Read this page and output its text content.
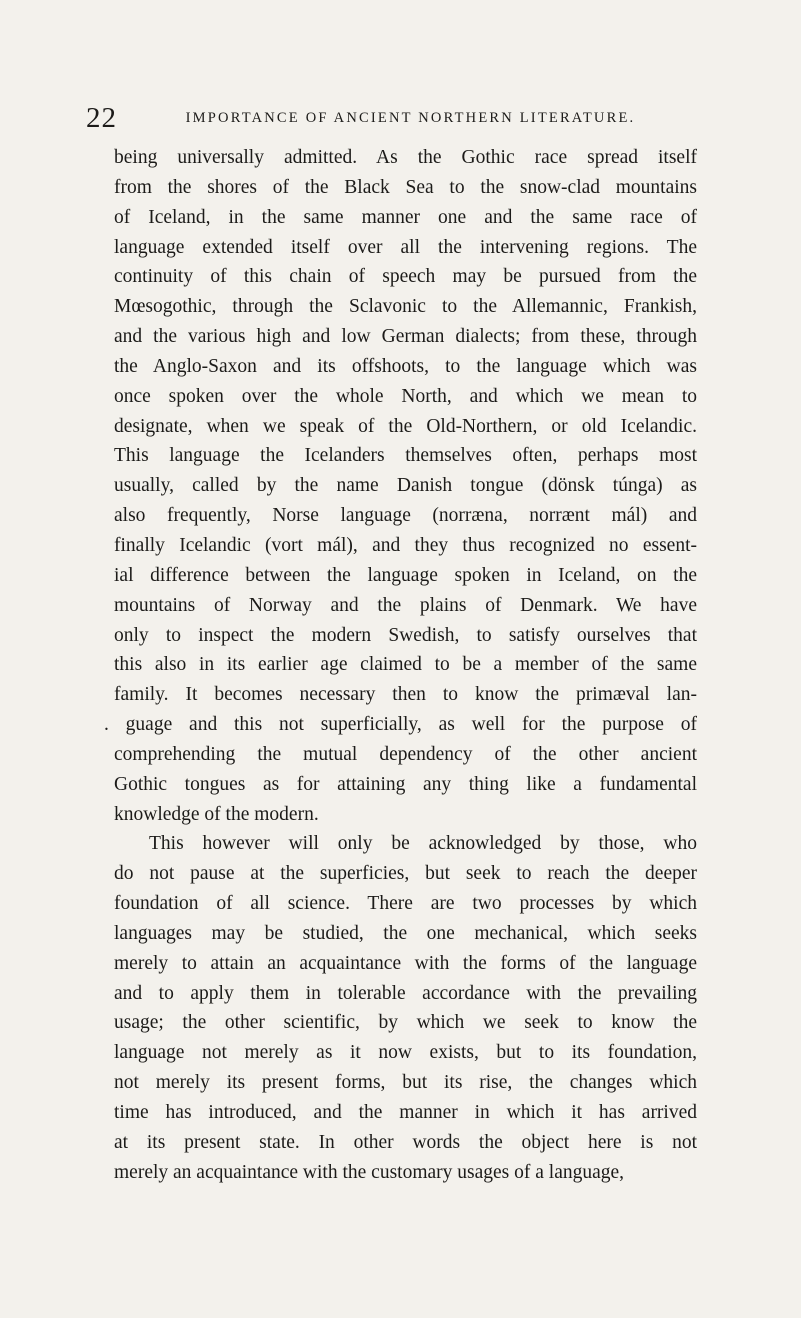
22	IMPORTANCE OF ANCIENT NORTHERN LITERATURE.
being universally admitted. As the Gothic race spread itself
from the shores of the Black Sea to the snow-clad mountains
of Iceland, in the same manner one and the same race of
language extended itself over all the intervening regions. The
continuity of this chain of speech may be pursued from the
Mœsogothic, through the Sclavonic to the Allemannic, Frankish,
and the various high and low German dialects; from these, through
the Anglo-Saxon and its offshoots, to the language which was
once spoken over the whole North, and which we mean to
designate, when we speak of the Old-Northern, or old Icelandic.
This language the Icelanders themselves often, perhaps most
usually, called by the name Danish tongue (dönsk túnga) as
also frequently, Norse language (norræna, norrænt mál) and
finally Icelandic (vort mál), and they thus recognized no essent-
ial difference between the language spoken in Iceland, on the
mountains of Norway and the plains of Denmark. We have
only to inspect the modern Swedish, to satisfy ourselves that
this also in its earlier age claimed to be a member of the same
family. It becomes necessary then to know the primæval lan-
. guage and this not superficially, as well for the purpose of
comprehending the mutual dependency of the other ancient
Gothic tongues as for attaining any thing like a fundamental
knowledge of the modern.
This however will only be acknowledged by those, who
do not pause at the superficies, but seek to reach the deeper
foundation of all science. There are two processes by which
languages may be studied, the one mechanical, which seeks
merely to attain an acquaintance with the forms of the language
and to apply them in tolerable accordance with the prevailing
usage; the other scientific, by which we seek to know the
language not merely as it now exists, but to its foundation,
not merely its present forms, but its rise, the changes which
time has introduced, and the manner in which it has arrived
at its present state. In other words the object here is not
merely an acquaintance with the customary usages of a language,
